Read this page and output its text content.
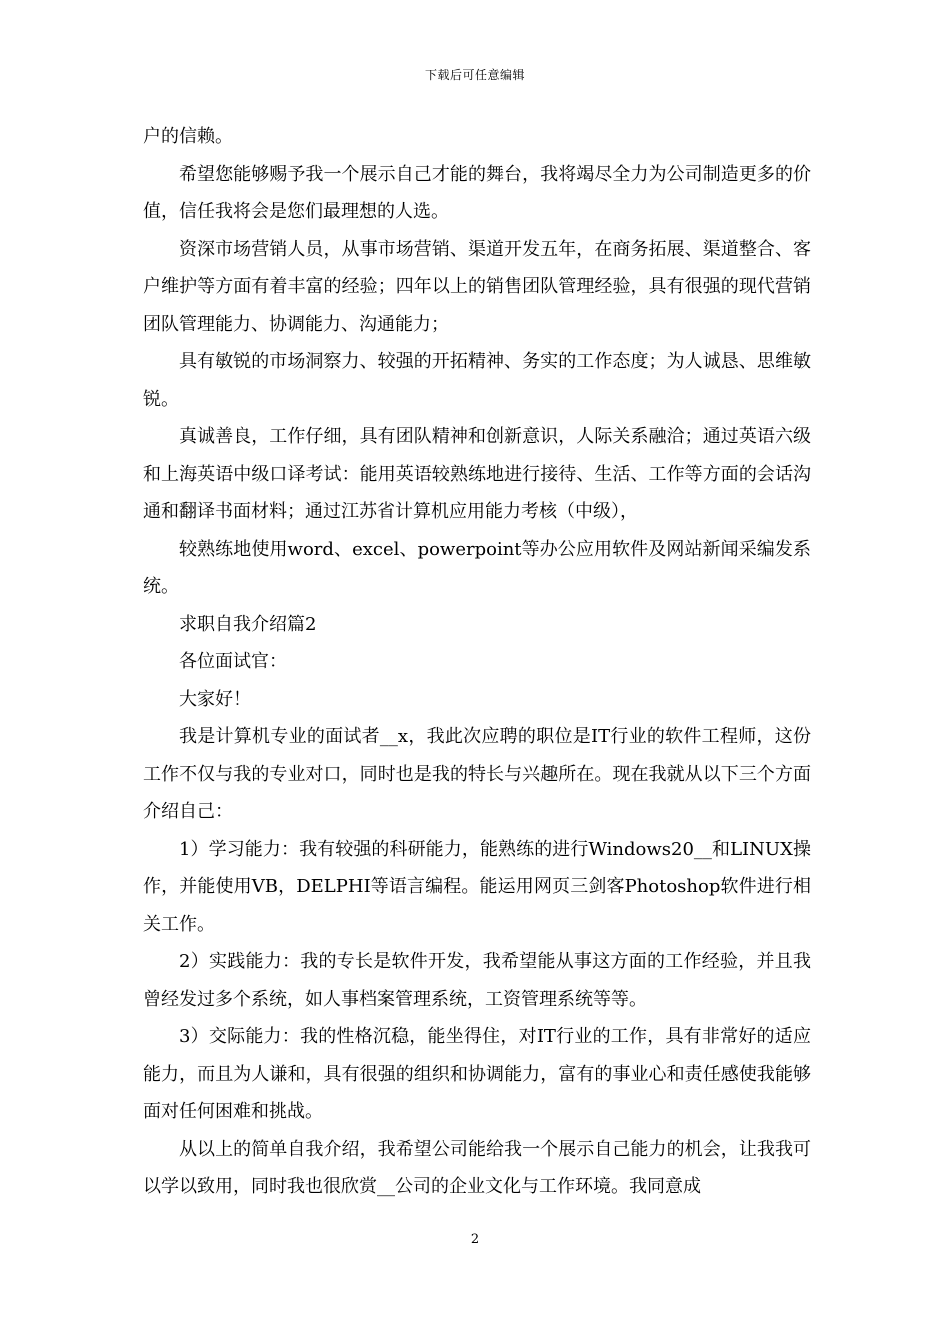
下载后可任意编辑

户的信赖。

希望您能够赐予我一个展示自己才能的舞台，我将竭尽全力为公司制造更多的价值，信任我将会是您们最理想的人选。

资深市场营销人员，从事市场营销、渠道开发五年，在商务拓展、渠道整合、客户维护等方面有着丰富的经验；四年以上的销售团队管理经验，具有很强的现代营销团队管理能力、协调能力、沟通能力；

具有敏锐的市场洞察力、较强的开拓精神、务实的工作态度；为人诚恳、思维敏锐。

真诚善良，工作仔细，具有团队精神和创新意识，人际关系融洽；通过英语六级和上海英语中级口译考试：能用英语较熟练地进行接待、生活、工作等方面的会话沟通和翻译书面材料；通过江苏省计算机应用能力考核（中级），

较熟练地使用word、excel、powerpoint等办公应用软件及网站新闻采编发系统。

求职自我介绍篇2

各位面试官：

大家好！

我是计算机专业的面试者__x，我此次应聘的职位是IT行业的软件工程师，这份工作不仅与我的专业对口，同时也是我的特长与兴趣所在。现在我就从以下三个方面介绍自己：

1）学习能力：我有较强的科研能力，能熟练的进行Windows20__和LINUX操作，并能使用VB，DELPHI等语言编程。能运用网页三剑客Photoshop软件进行相关工作。

2）实践能力：我的专长是软件开发，我希望能从事这方面的工作经验，并且我曾经发过多个系统，如人事档案管理系统，工资管理系统等等。

3）交际能力：我的性格沉稳，能坐得住，对IT行业的工作，具有非常好的适应能力，而且为人谦和，具有很强的组织和协调能力，富有的事业心和责任感使我能够面对任何困难和挑战。

从以上的简单自我介绍，我希望公司能给我一个展示自己能力的机会，让我我可以学以致用，同时我也很欣赏__公司的企业文化与工作环境。我同意成

2
